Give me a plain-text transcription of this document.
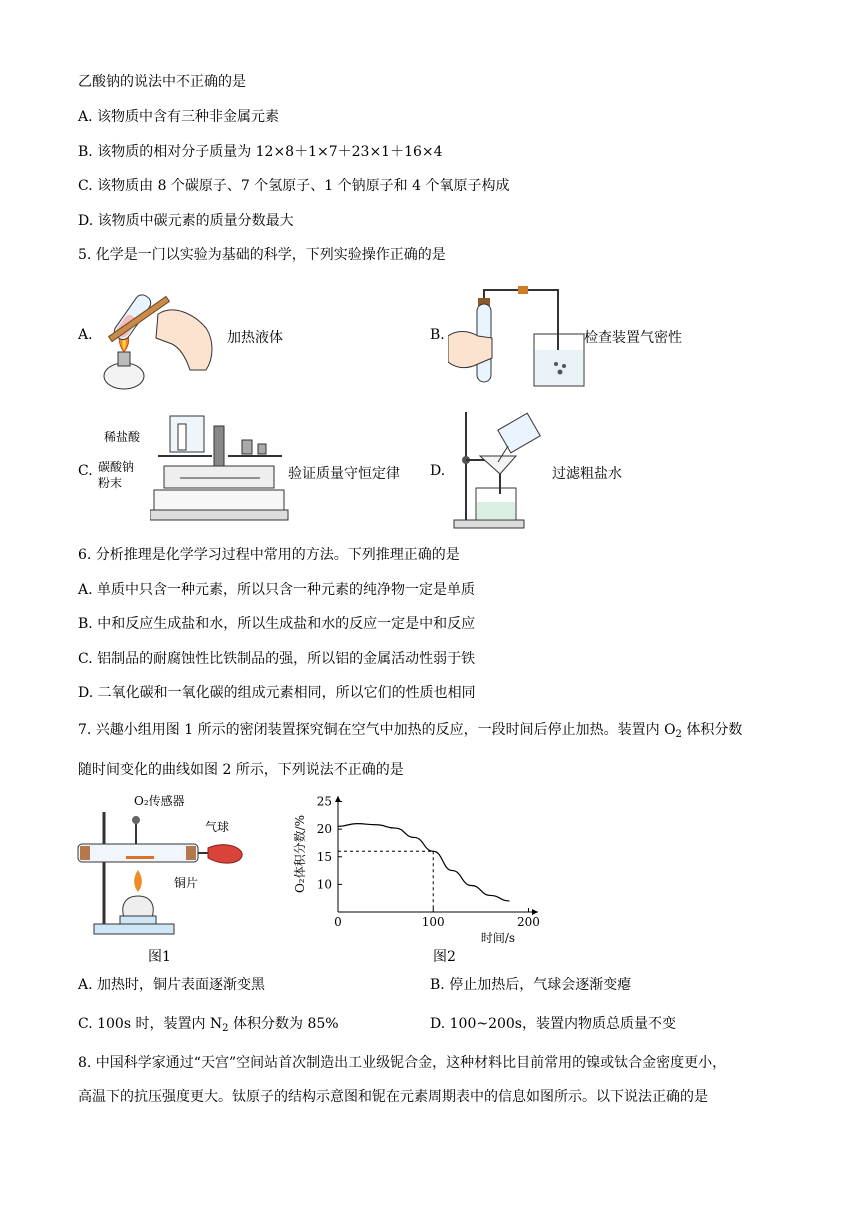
乙酸钠的说法中不正确的是
A. 该物质中含有三种非金属元素
B. 该物质的相对分子质量为 12×8＋1×7＋23×1＋16×4
C. 该物质由 8 个碳原子、7 个氢原子、1 个钠原子和 4 个氧原子构成
D. 该物质中碳元素的质量分数最大
5. 化学是一门以实验为基础的科学，下列实验操作正确的是
A.	加热液体	B.	检查装置气密性
C.
稀盐酸
碳酸钠
粉末
验证质量守恒定律 D.	过滤粗盐水
6. 分析推理是化学学习过程中常用的方法。下列推理正确的是
A. 单质中只含一种元素，所以只含一种元素的纯净物一定是单质
B. 中和反应生成盐和水，所以生成盐和水的反应一定是中和反应
C. 铝制品的耐腐蚀性比铁制品的强，所以铝的金属活动性弱于铁
D. 二氧化碳和一氧化碳的组成元素相同，所以它们的性质也相同
7. 兴趣小组用图 1 所示的密闭装置探究铜在空气中加热的反应，一段时间后停止加热。装置内 $O_2$ 体积分数
随时间变化的曲线如图 2 所示，下列说法不正确的是
O₂传感器
气球
铜片
图1
0	100	200
10
15
20
25
时间/s
O₂体积分数/%
图2
A. 加热时，铜片表面逐渐变黑	B. 停止加热后，气球会逐渐变瘪
C. 100s 时，装置内 $N_2$ 体积分数为 85%	D. 100~200s，装置内物质总质量不变
8. 中国科学家通过“天宫”空间站首次制造出工业级铌合金，这种材料比目前常用的镍或钛合金密度更小，
高温下的抗压强度更大。钛原子的结构示意图和铌在元素周期表中的信息如图所示。以下说法正确的是
